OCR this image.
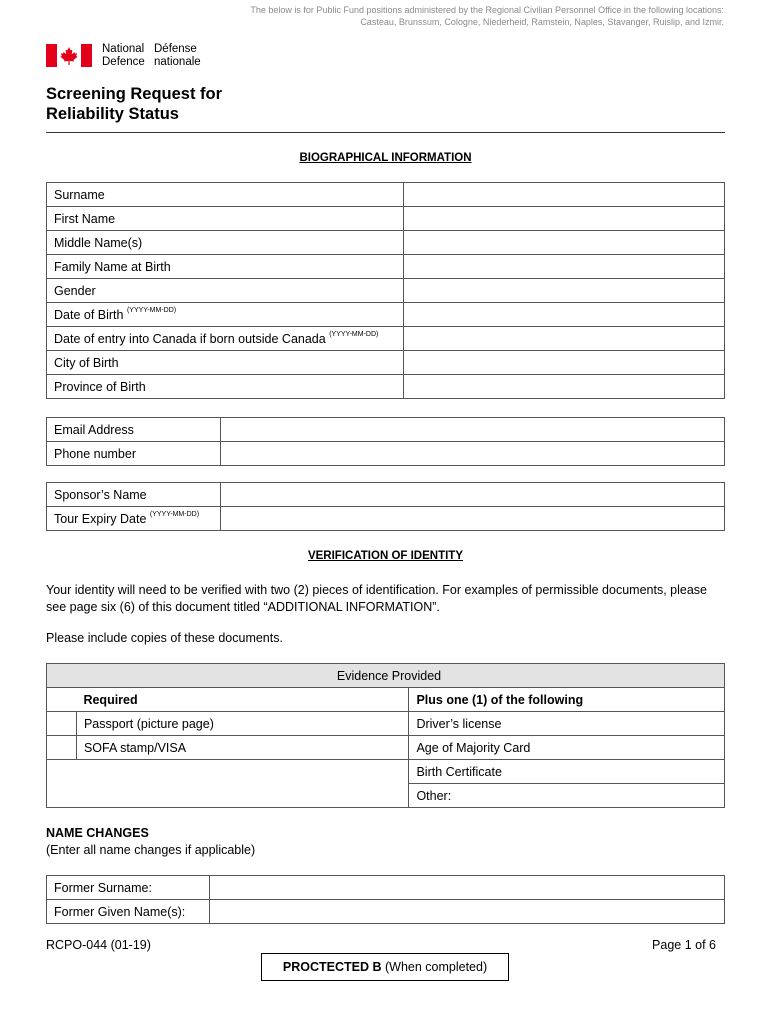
The below is for Public Fund positions administered by the Regional Civilian Personnel Office in the following locations:
Casteau, Brunssum, Cologne, Niederheid, Ramstein, Naples, Stavanger, Ruislip, and Izmir.
National
Defence
Défense
nationale
Screening Request for
Reliability Status
BIOGRAPHICAL INFORMATION
Surname	
First Name	
Middle Name(s)	
Family Name at Birth	
Gender	
Date of Birth $^{(YYYY-MM-DD)}$	
Date of entry into Canada if born outside Canada $^{(YYYY-MM-DD)}$	
City of Birth	
Province of Birth	
Email Address	
Phone number	
Sponsor’s Name	
Tour Expiry Date $^{(YYYY-MM-DD)}$	
VERIFICATION OF IDENTITY
Your identity will need to be verified with two (2) pieces of identification. For examples of permissible documents, please see page six (6) of this document titled “ADDITIONAL INFORMATION”.
Please include copies of these documents.
Evidence Provided		
	Required	Plus one (1) of the following
	Passport (picture page)	Driver’s license
	SOFA stamp/VISA	Age of Majority Card
		Birth Certificate
		Other:
NAME CHANGES
(Enter all name changes if applicable)
Former Surname:	
Former Given Name(s):	
RCPO-044 (01-19)	Page 1 of 6
PROCTECTED B (When completed)
